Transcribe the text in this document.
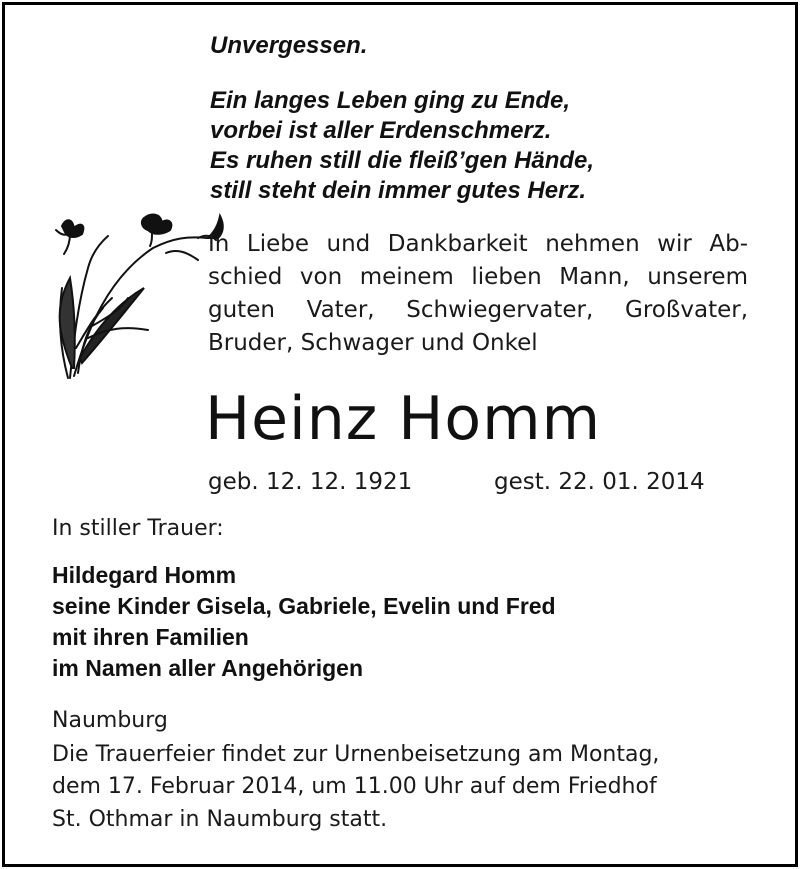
Unvergessen.
Ein langes Leben ging zu Ende,
vorbei ist aller Erdenschmerz.
Es ruhen still die fleiß’gen Hände,
still steht dein immer gutes Herz.
In Liebe und Dankbarkeit nehmen wir Ab-
schied von meinem lieben Mann, unserem
guten Vater, Schwiegervater, Großvater,
Bruder, Schwager und Onkel
Heinz Homm
geb. 12. 12. 1921	gest. 22. 01. 2014
In stiller Trauer:
Hildegard Homm
seine Kinder Gisela, Gabriele, Evelin und Fred
mit ihren Familien
im Namen aller Angehörigen
Naumburg
Die Trauerfeier findet zur Urnenbeisetzung am Montag,
dem 17. Februar 2014, um 11.00 Uhr auf dem Friedhof
St. Othmar in Naumburg statt.
